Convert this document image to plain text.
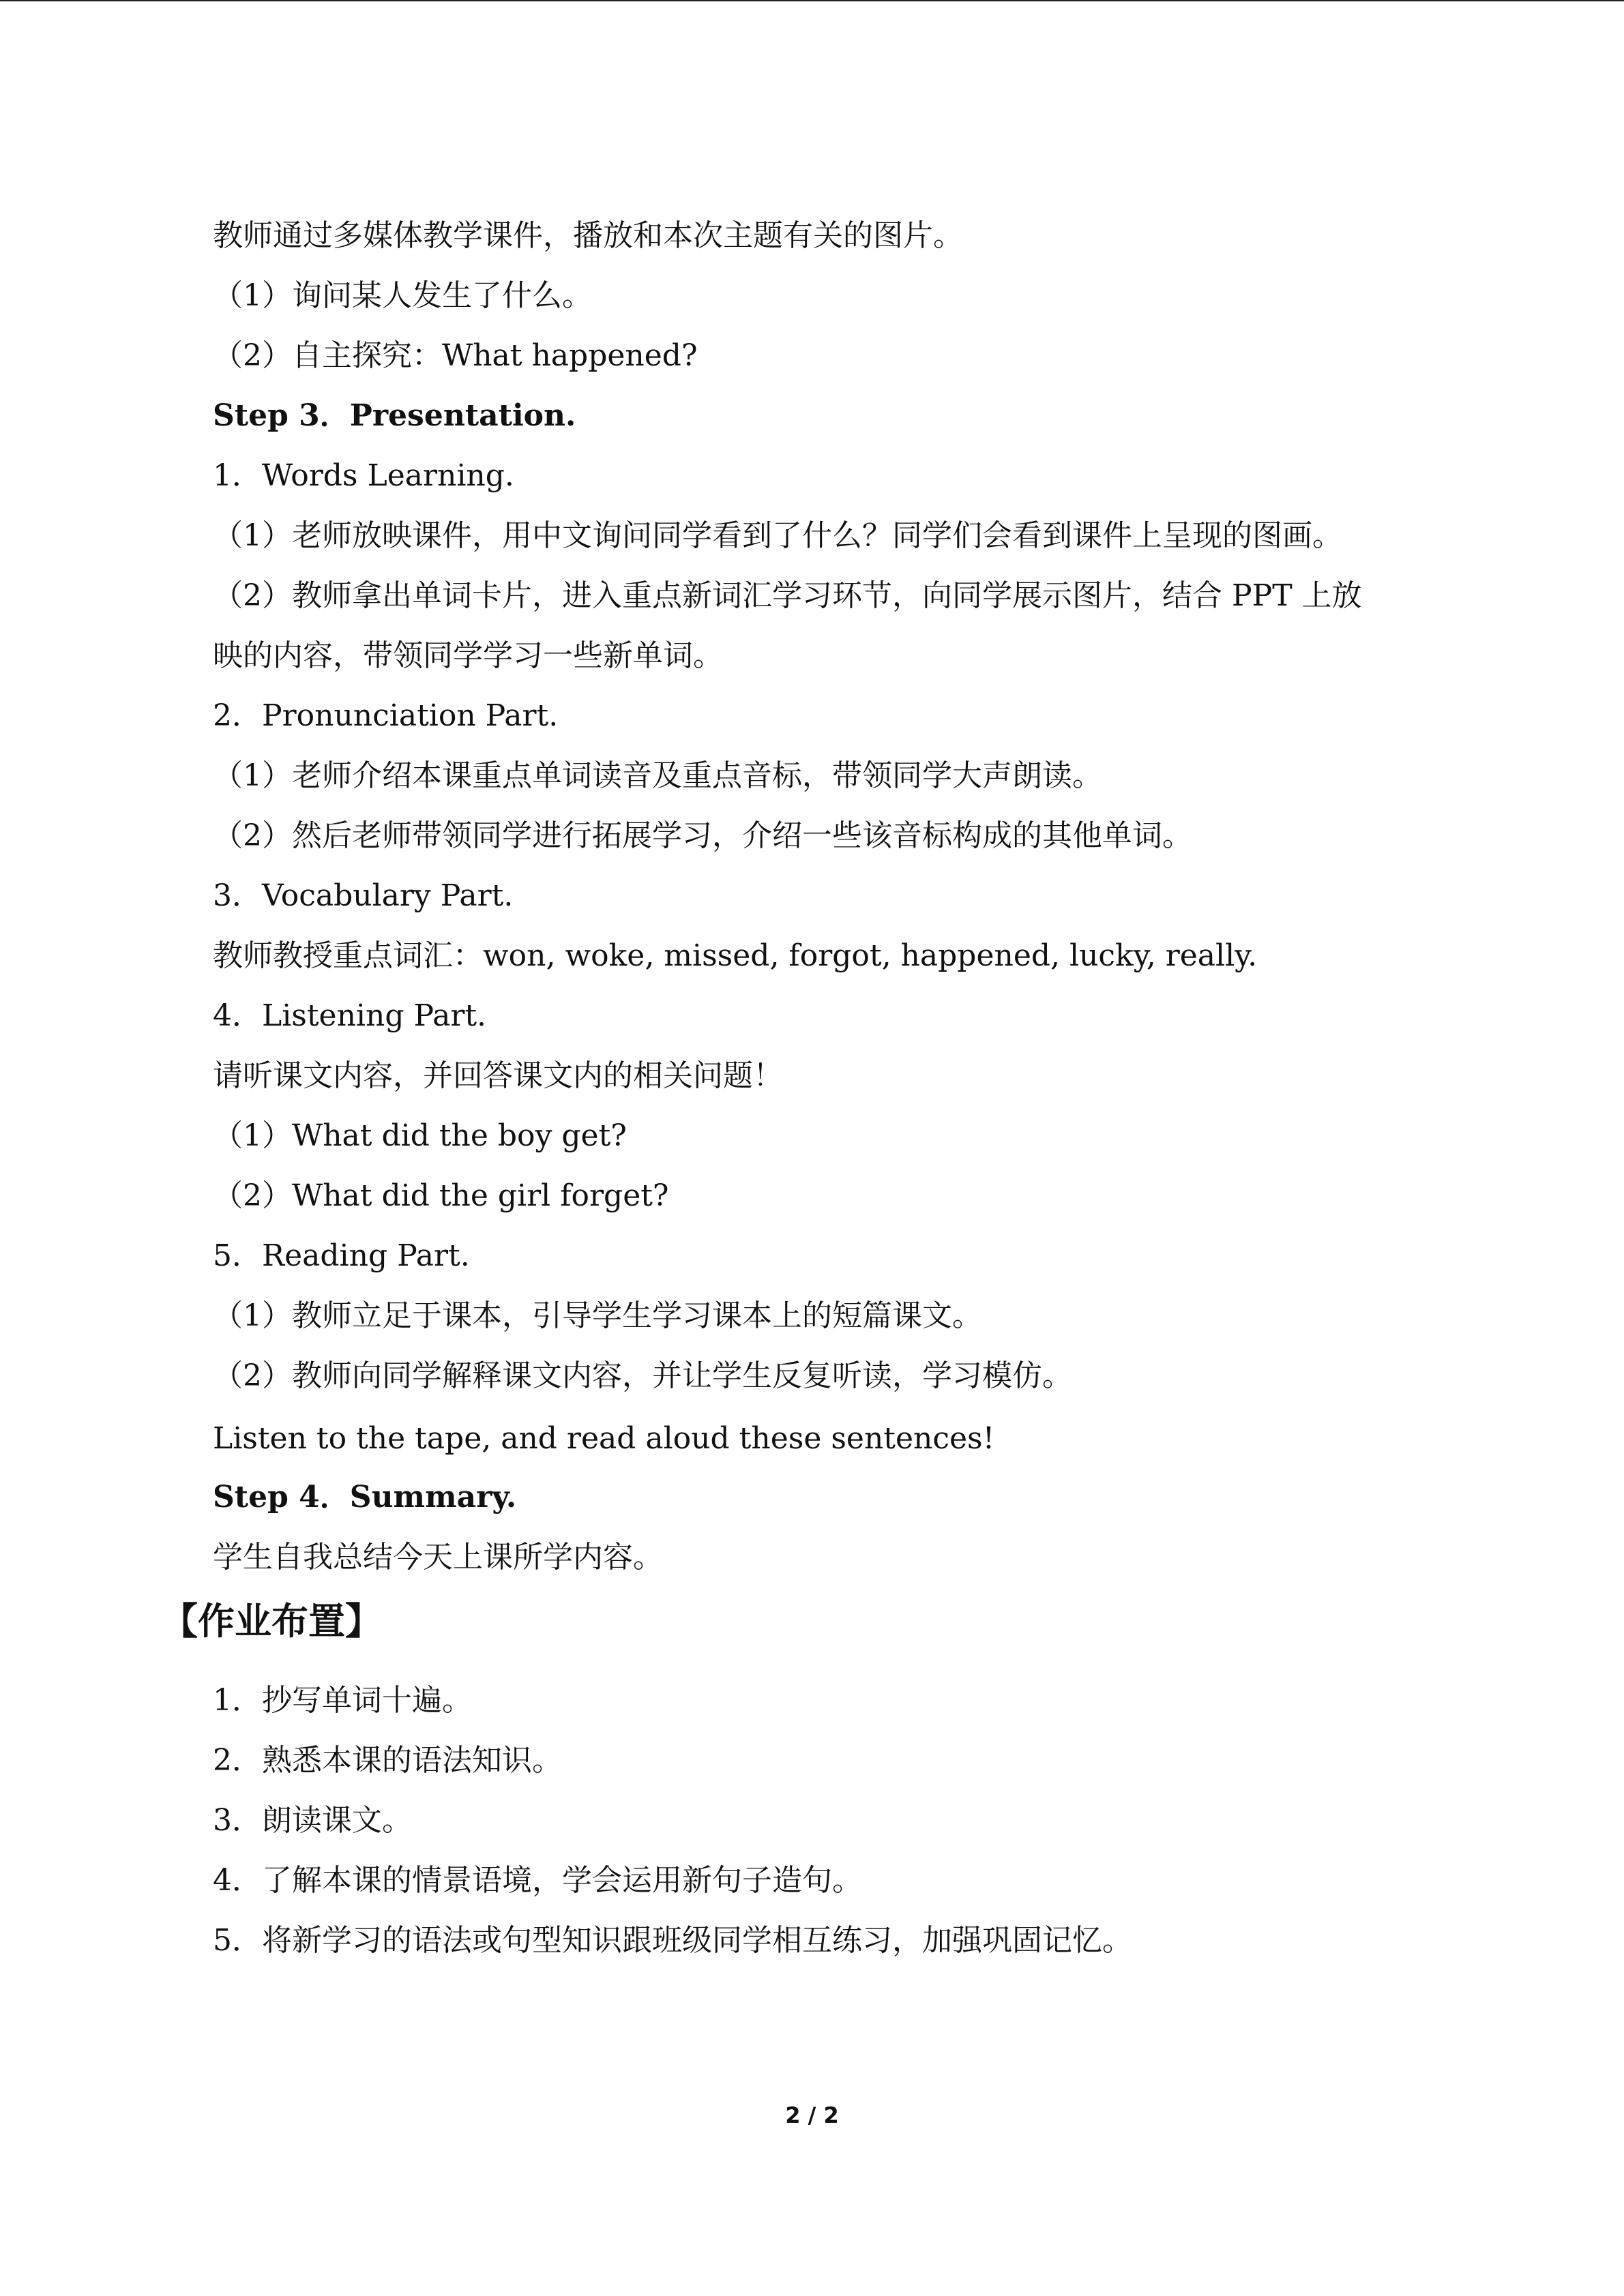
教师通过多媒体教学课件，播放和本次主题有关的图片。
（1）询问某人发生了什么。
（2）自主探究：What happened?
Step 3．Presentation.
1．Words Learning.
（1）老师放映课件，用中文询问同学看到了什么？同学们会看到课件上呈现的图画。
（2）教师拿出单词卡片，进入重点新词汇学习环节，向同学展示图片，结合 PPT 上放
映的内容，带领同学学习一些新单词。
2．Pronunciation Part.
（1）老师介绍本课重点单词读音及重点音标，带领同学大声朗读。
（2）然后老师带领同学进行拓展学习，介绍一些该音标构成的其他单词。
3．Vocabulary Part.
教师教授重点词汇：won, woke, missed, forgot, happened, lucky, really.
4．Listening Part.
请听课文内容，并回答课文内的相关问题！
（1）What did the boy get?
（2）What did the girl forget?
5．Reading Part.
（1）教师立足于课本，引导学生学习课本上的短篇课文。
（2）教师向同学解释课文内容，并让学生反复听读，学习模仿。
Listen to the tape, and read aloud these sentences!
Step 4．Summary.
学生自我总结今天上课所学内容。
【作业布置】
1．抄写单词十遍。
2．熟悉本课的语法知识。
3．朗读课文。
4．了解本课的情景语境，学会运用新句子造句。
5．将新学习的语法或句型知识跟班级同学相互练习，加强巩固记忆。
2 / 2
